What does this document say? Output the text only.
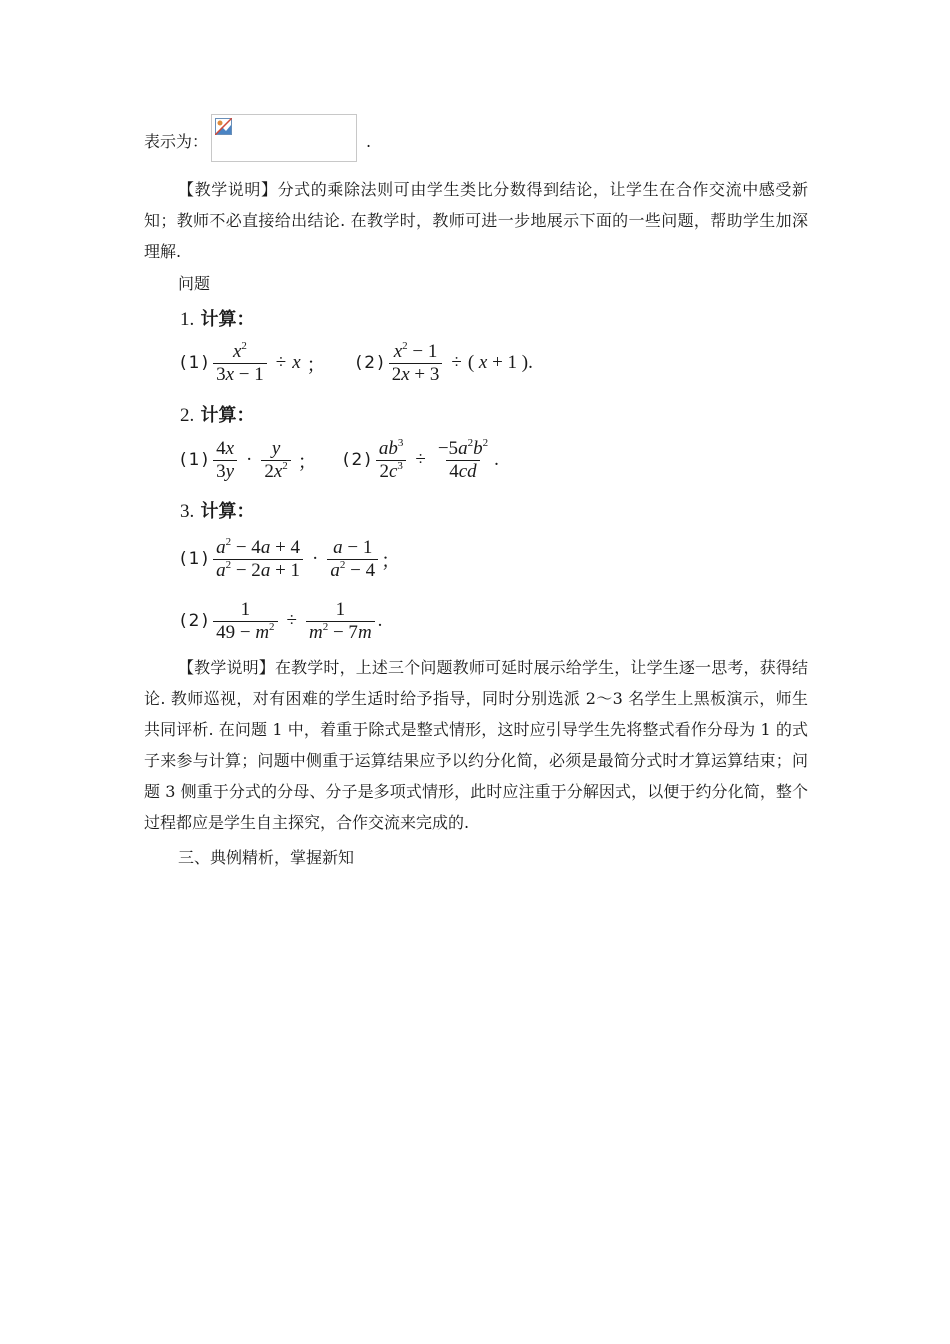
表示为：	.
【教学说明】分式的乘除法则可由学生类比分数得到结论，让学生在合作交流中感受新知；教师不必直接给出结论. 在教学时，教师可进一步地展示下面的一些问题，帮助学生加深理解.
问题
1. 计算：
$(1) \frac{x^2}{3x - 1} \div x$ ； $(2) \frac{x^2 - 1}{2x + 3}$ ÷ ( x + 1 ).
2. 计算：
$(1) \frac{4x}{3y} \cdot \frac{y}{2x^2}$ ； $(2) \frac{ab^3}{2c^3} \div \frac{-5a^2b^2}{4cd}$ .
3. 计算：
$(1) \frac{a^2 - 4a + 4}{a^2 - 2a + 1} \cdot \frac{a - 1}{a^2 - 4}$ ；
$(2) \frac{1}{49 - m^2} \div \frac{1}{m^2 - 7m}$ .
【教学说明】在教学时，上述三个问题教师可延时展示给学生，让学生逐一思考，获得结论. 教师巡视，对有困难的学生适时给予指导，同时分别选派 2～3 名学生上黑板演示，师生共同评析. 在问题 1 中，着重于除式是整式情形，这时应引导学生先将整式看作分母为 1 的式子来参与计算；问题中侧重于运算结果应予以约分化简，必须是最简分式时才算运算结束；问题 3 侧重于分式的分母、分子是多项式情形，此时应注重于分解因式，以便于约分化简，整个过程都应是学生自主探究，合作交流来完成的.
三、典例精析，掌握新知
